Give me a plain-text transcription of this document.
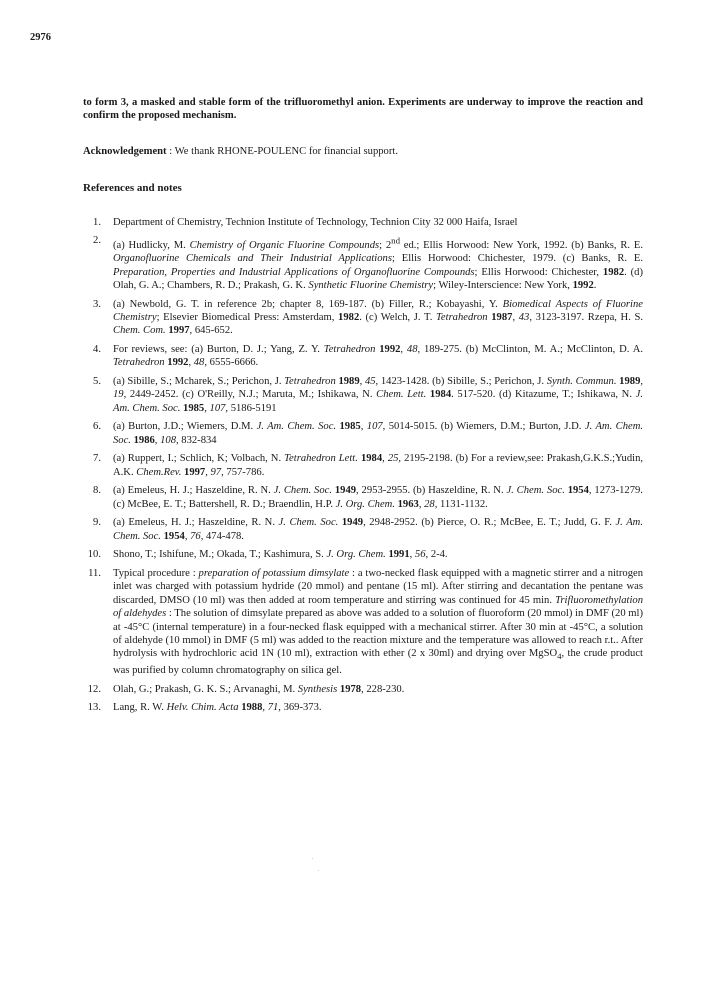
2976

to form 3, a masked and stable form of the trifluoromethyl anion. Experiments are underway to improve the reaction and confirm the proposed mechanism.

Acknowledgement : We thank RHONE-POULENC for financial support.

References and notes
1. Department of Chemistry, Technion Institute of Technology, Technion City 32 000 Haifa, Israel
2. (a) Hudlicky, M. Chemistry of Organic Fluorine Compounds; 2nd ed.; Ellis Horwood: New York, 1992. (b) Banks, R. E. Organofluorine Chemicals and Their Industrial Applications; Ellis Horwood: Chichester, 1979. (c) Banks, R. E. Preparation, Properties and Industrial Applications of Organofluorine Compounds; Ellis Horwood: Chichester, 1982. (d) Olah, G. A.; Chambers, R. D.; Prakash, G. K. Synthetic Fluorine Chemistry; Wiley-Interscience: New York, 1992.
3. (a) Newbold, G. T. in reference 2b; chapter 8, 169-187. (b) Filler, R.; Kobayashi, Y. Biomedical Aspects of Fluorine Chemistry; Elsevier Biomedical Press: Amsterdam, 1982. (c) Welch, J. T. Tetrahedron 1987, 43, 3123-3197. Rzepa, H. S. Chem. Com. 1997, 645-652.
4. For reviews, see: (a) Burton, D. J.; Yang, Z. Y. Tetrahedron 1992, 48, 189-275. (b) McClinton, M. A.; McClinton, D. A. Tetrahedron 1992, 48, 6555-6666.
5. (a) Sibille, S.; Mcharek, S.; Perichon, J. Tetrahedron 1989, 45, 1423-1428. (b) Sibille, S.; Perichon, J. Synth. Commun. 1989, 19, 2449-2452. (c) O'Reilly, N.J.; Maruta, M.; Ishikawa, N. Chem. Lett. 1984. 517-520. (d) Kitazume, T.; Ishikawa, N. J. Am. Chem. Soc. 1985, 107, 5186-5191
6. (a) Burton, J.D.; Wiemers, D.M. J. Am. Chem. Soc. 1985, 107, 5014-5015. (b) Wiemers, D.M.; Burton, J.D. J. Am. Chem. Soc. 1986, 108, 832-834
7. (a) Ruppert, I.; Schlich, K; Volbach, N. Tetrahedron Lett. 1984, 25, 2195-2198. (b) For a review,see: Prakash,G.K.S.;Yudin, A.K. Chem.Rev. 1997, 97, 757-786.
8. (a) Emeleus, H. J.; Haszeldine, R. N. J. Chem. Soc. 1949, 2953-2955. (b) Haszeldine, R. N. J. Chem. Soc. 1954, 1273-1279. (c) McBee, E. T.; Battershell, R. D.; Braendlin, H.P. J. Org. Chem. 1963, 28, 1131-1132.
9. (a) Emeleus, H. J.; Haszeldine, R. N. J. Chem. Soc. 1949, 2948-2952. (b) Pierce, O. R.; McBee, E. T.; Judd, G. F. J. Am. Chem. Soc. 1954, 76, 474-478.
10. Shono, T.; Ishifune, M.; Okada, T.; Kashimura, S. J. Org. Chem. 1991, 56, 2-4.
11. Typical procedure : preparation of potassium dimsylate : a two-necked flask equipped with a magnetic stirrer and a nitrogen inlet was charged with potassium hydride (20 mmol) and pentane (15 ml). After stirring and decantation the pentane was discarded, DMSO (10 ml) was then added at room temperature and stirring was continued for 45 min. Trifluoromethylation of aldehydes : The solution of dimsylate prepared as above was added to a solution of fluoroform (20 mmol) in DMF (20 ml) at -45°C (internal temperature) in a four-necked flask equipped with a mechanical stirrer. After 30 min at -45°C, a solution of aldehyde (10 mmol) in DMF (5 ml) was added to the reaction mixture and the temperature was allowed to reach r.t.. After hydrolysis with hydrochloric acid 1N (10 ml), extraction with ether (2 x 30ml) and drying over MgSO$_4$, the crude product was purified by column chromatography on silica gel.
12. Olah, G.; Prakash, G. K. S.; Arvanaghi, M. Synthesis 1978, 228-230.
13. Lang, R. W. Helv. Chim. Acta 1988, 71, 369-373.
